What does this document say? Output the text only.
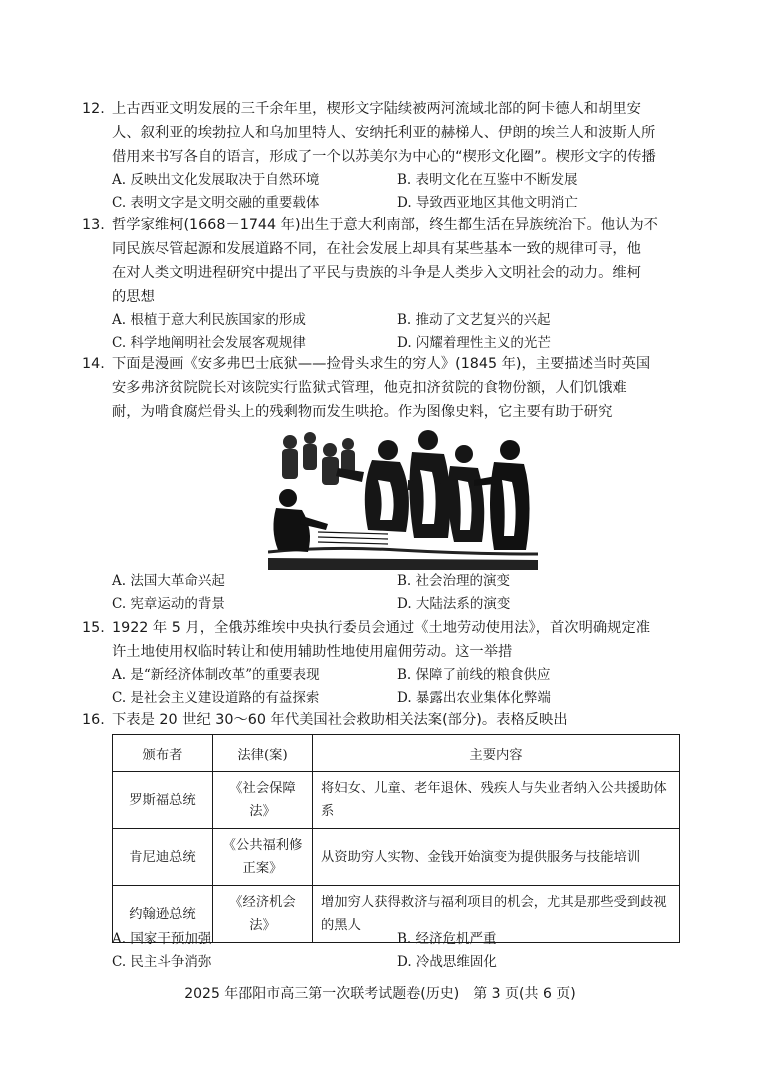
12. 上古西亚文明发展的三千余年里，楔形文字陆续被两河流域北部的阿卡德人和胡里安
人、叙利亚的埃勃拉人和乌加里特人、安纳托利亚的赫梯人、伊朗的埃兰人和波斯人所
借用来书写各自的语言，形成了一个以苏美尔为中心的“楔形文化圈”。楔形文字的传播
A. 反映出文化发展取决于自然环境	B. 表明文化在互鉴中不断发展
C. 表明文字是文明交融的重要载体	D. 导致西亚地区其他文明消亡
13. 哲学家维柯(1668－1744 年)出生于意大利南部，终生都生活在异族统治下。他认为不
同民族尽管起源和发展道路不同，在社会发展上却具有某些基本一致的规律可寻，他
在对人类文明进程研究中提出了平民与贵族的斗争是人类步入文明社会的动力。维柯
的思想
A. 根植于意大利民族国家的形成	B. 推动了文艺复兴的兴起
C. 科学地阐明社会发展客观规律	D. 闪耀着理性主义的光芒
14. 下面是漫画《安多弗巴士底狱——捡骨头求生的穷人》(1845 年)，主要描述当时英国
安多弗济贫院院长对该院实行监狱式管理，他克扣济贫院的食物份额，人们饥饿难
耐，为啃食腐烂骨头上的残剩物而发生哄抢。作为图像史料，它主要有助于研究
A. 法国大革命兴起	B. 社会治理的演变
C. 宪章运动的背景	D. 大陆法系的演变
15. 1922 年 5 月，全俄苏维埃中央执行委员会通过《土地劳动使用法》，首次明确规定准
许土地使用权临时转让和使用辅助性地使用雇佣劳动。这一举措
A. 是“新经济体制改革”的重要表现	B. 保障了前线的粮食供应
C. 是社会主义建设道路的有益探索	D. 暴露出农业集体化弊端
16. 下表是 20 世纪 30～60 年代美国社会救助相关法案(部分)。表格反映出
颁布者	法律(案)	主要内容
罗斯福总统	《社会保障法》	将妇女、儿童、老年退休、残疾人与失业者纳入公共援助体系
肯尼迪总统	《公共福利修正案》	从资助穷人实物、金钱开始演变为提供服务与技能培训
约翰逊总统	《经济机会法》	增加穷人获得救济与福利项目的机会，尤其是那些受到歧视的黑人
A. 国家干预加强	B. 经济危机严重
C. 民主斗争消弥	D. 冷战思维固化
2025 年邵阳市高三第一次联考试题卷(历史)　第 3 页(共 6 页)
